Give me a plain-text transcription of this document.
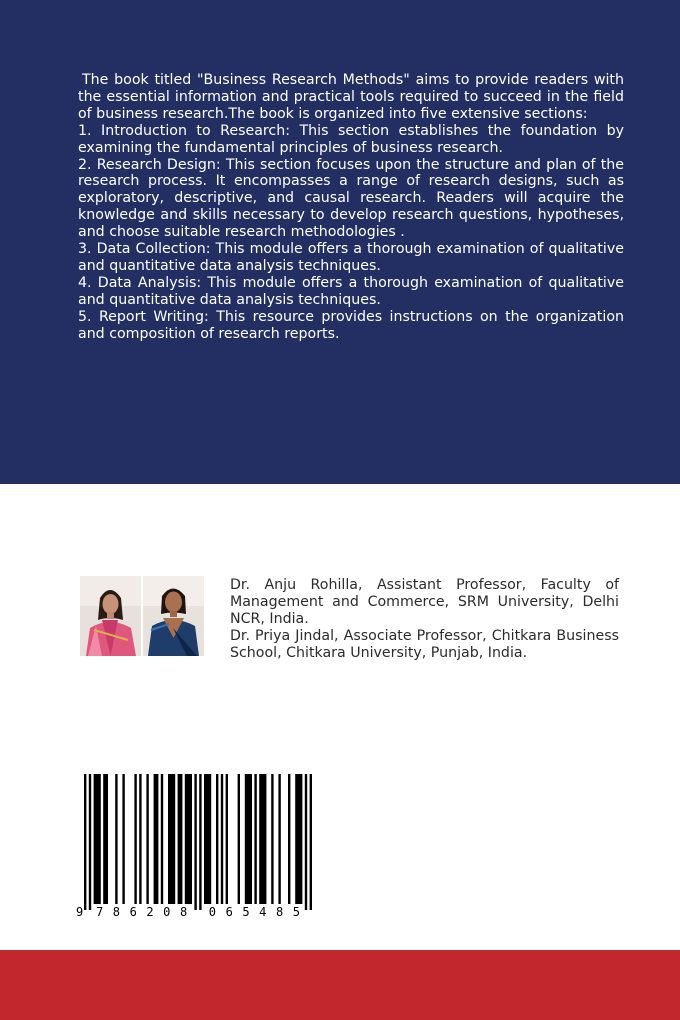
The book titled "Business Research Methods" aims to provide readers with the essential information and practical tools required to succeed in the field of business research.The book is organized into five extensive sections:

1. Introduction to Research: This section establishes the foundation by examining the fundamental principles of business research.

2. Research Design: This section focuses upon the structure and plan of the research process. It encompasses a range of research designs, such as exploratory, descriptive, and causal research. Readers will acquire the knowledge and skills necessary to develop research questions, hypotheses, and choose suitable research methodologies .

3. Data Collection: This module offers a thorough examination of qualitative and quantitative data analysis techniques.

4. Data Analysis: This module offers a thorough examination of qualitative and quantitative data analysis techniques.

5. Report Writing: This resource provides instructions on the organization and composition of research reports.

Dr. Anju Rohilla, Assistant Professor, Faculty of Management and Commerce, SRM University, Delhi NCR, India.

Dr. Priya Jindal, Associate Professor, Chitkara Business School, Chitkara University, Punjab, India.

9 7 8 6 2 0 8 0 6 5 4 8 5
